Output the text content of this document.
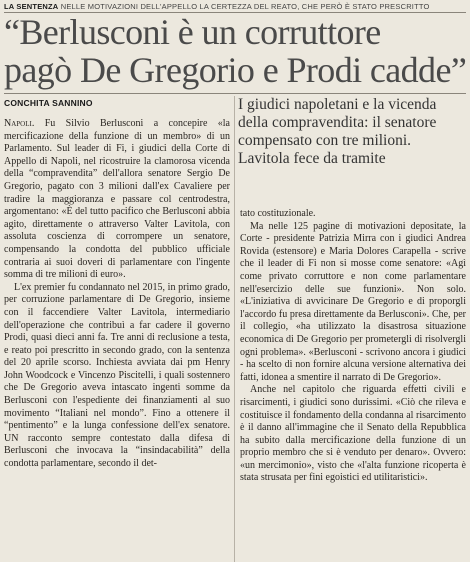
LA SENTENZA NELLE MOTIVAZIONI DELL'APPELLO LA CERTEZZA DEL REATO, CHE PERÒ È STATO PRESCRITTO
“Berlusconi è un corruttore
pagò De Gregorio e Prodi cadde”
CONCHITA SANNINO	I giudici napoletani e la vicenda della compravendita: il senatore compensato con tre milioni. Lavitola fece da tramite

Napoli. Fu Silvio Berlusconi a concepire «la mercificazione della funzione di un membro» di un Parlamento. Sul leader di Fi, i giudici della Corte di Appello di Napoli, nel ricostruire la clamorosa vicenda della “compravendita” dell'allora senatore Sergio De Gregorio, pagato con 3 milioni dall'ex Cavaliere per tradire la maggioranza e passare col centrodestra, argomentano: «È del tutto pacifico che Berlusconi abbia agito, direttamente o attraverso Valter Lavitola, con assoluta coscienza di corrompere un senatore, compensando la condotta del pubblico ufficiale contraria ai suoi doveri di parlamentare con l'ingente somma di tre milioni di euro».

L'ex premier fu condannato nel 2015, in primo grado, per corruzione parlamentare di De Gregorio, insieme con il faccendiere Valter Lavitola, intermediario dell'operazione che contribuì a far cadere il governo Prodi, quasi dieci anni fa. Tre anni di reclusione a testa, e reato poi prescritto in secondo grado, con la sentenza del 20 aprile scorso. Inchiesta avviata dai pm Henry John Woodcock e Vincenzo Piscitelli, i quali sostennero che De Gregorio aveva intascato ingenti somme da Berlusconi con l'espediente dei finanziamenti al suo movimento “Italiani nel mondo”. Fino a ottenere il “pentimento” e la lunga confessione dell'ex senatore. UN racconto sempre contestato dalla difesa di Berlusconi che invocava la “insindacabilità” della condotta parlamentare, secondo il det-

tato costituzionale.

Ma nelle 125 pagine di motivazioni depositate, la Corte - presidente Patrizia Mirra con i giudici Andrea Rovida (estensore) e Maria Dolores Carapella - scrive che il leader di Fi non si mosse come senatore: «Agì come privato corruttore e non come parlamentare nell'esercizio delle sue funzioni». Non solo. «L'iniziativa di avvicinare De Gregorio e di proporgli l'accordo fu presa direttamente da Berlusconi». Che, per il collegio, «ha utilizzato la disastrosa situazione economica di De Gregorio per prometergli di risolvergli ogni problema». «Berlusconi - scrivono ancora i giudici - ha scelto di non fornire alcuna versione alternativa dei fatti, idonea a smentire il narrato di De Gregorio».

Anche nel capitolo che riguarda effetti civili e risarcimenti, i giudici sono durissimi. «Ciò che rileva e costituisce il fondamento della condanna al risarcimento è il danno all'immagine che il Senato della Repubblica ha subito dalla mercificazione della funzione di un proprio membro che si è venduto per denaro». Ovvero: «un mercimonio», visto che «l'alta funzione ricoperta è stata strusata per fini egoistici ed utilitaristici».
